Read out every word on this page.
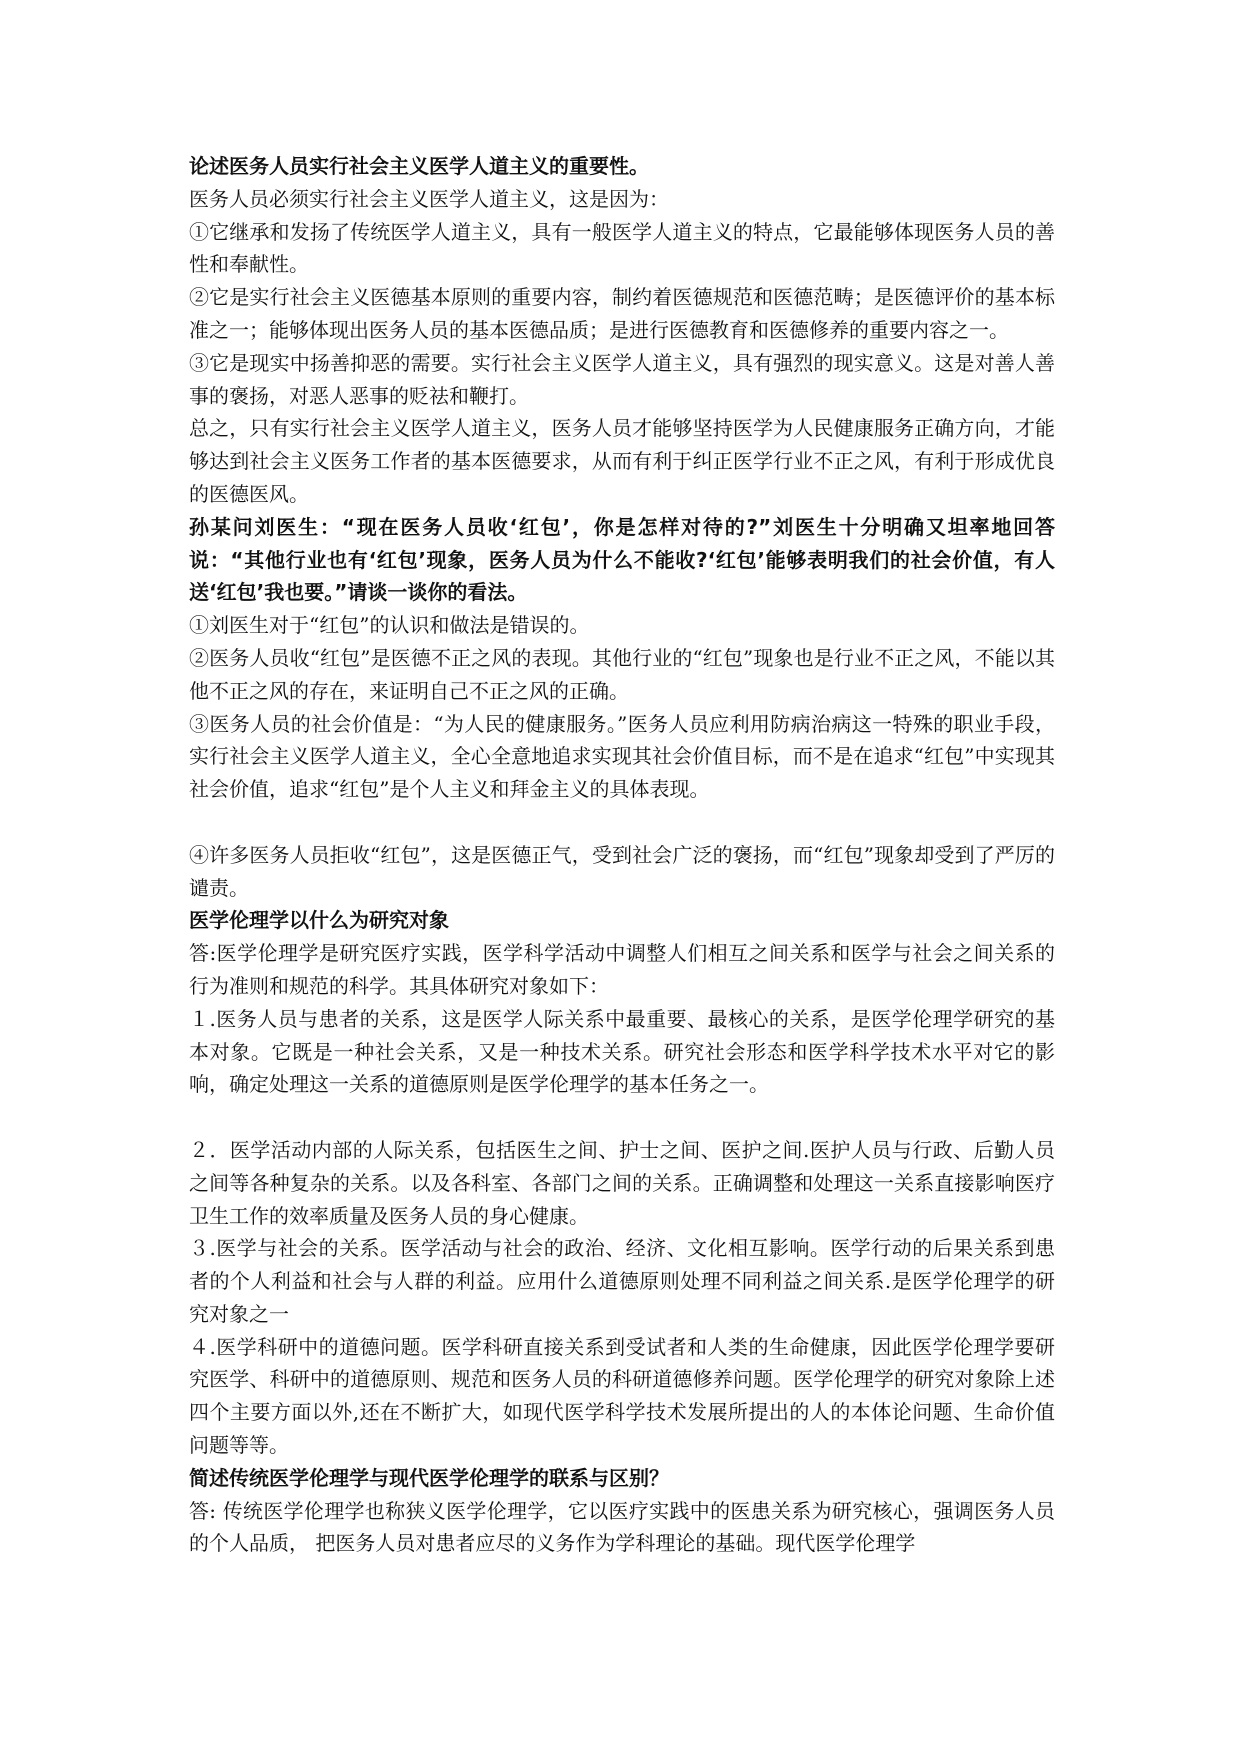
论述医务人员实行社会主义医学人道主义的重要性。

医务人员必须实行社会主义医学人道主义，这是因为：

①它继承和发扬了传统医学人道主义，具有一般医学人道主义的特点，它最能够体现医务人员的善性和奉献性。

②它是实行社会主义医德基本原则的重要内容，制约着医德规范和医德范畴；是医德评价的基本标准之一；能够体现出医务人员的基本医德品质；是进行医德教育和医德修养的重要内容之一。

③它是现实中扬善抑恶的需要。实行社会主义医学人道主义，具有强烈的现实意义。这是对善人善事的褒扬，对恶人恶事的贬祛和鞭打。

总之，只有实行社会主义医学人道主义，医务人员才能够坚持医学为人民健康服务正确方向，才能够达到社会主义医务工作者的基本医德要求，从而有利于纠正医学行业不正之风，有利于形成优良的医德医风。

孙某问刘医生：“现在医务人员收‘红包’，你是怎样对待的?”刘医生十分明确又坦率地回答说：“其他行业也有‘红包’现象，医务人员为什么不能收?‘红包’能够表明我们的社会价值，有人送‘红包’我也要。”请谈一谈你的看法。

①刘医生对于“红包”的认识和做法是错误的。

②医务人员收“红包”是医德不正之风的表现。其他行业的“红包”现象也是行业不正之风，不能以其他不正之风的存在，来证明自己不正之风的正确。

③医务人员的社会价值是：“为人民的健康服务。”医务人员应利用防病治病这一特殊的职业手段，实行社会主义医学人道主义，全心全意地追求实现其社会价值目标，而不是在追求“红包”中实现其社会价值，追求“红包”是个人主义和拜金主义的具体表现。

④许多医务人员拒收“红包”，这是医德正气，受到社会广泛的褒扬，而“红包”现象却受到了严厉的谴责。

医学伦理学以什么为研究对象

答:医学伦理学是研究医疗实践，医学科学活动中调整人们相互之间关系和医学与社会之间关系的行为准则和规范的科学。其具体研究对象如下：

１.医务人员与患者的关系，这是医学人际关系中最重要、最核心的关系，是医学伦理学研究的基本对象。它既是一种社会关系，又是一种技术关系。研究社会形态和医学科学技术水平对它的影响，确定处理这一关系的道德原则是医学伦理学的基本任务之一。

２．医学活动内部的人际关系，包括医生之间、护士之间、医护之间.医护人员与行政、后勤人员之间等各种复杂的关系。以及各科室、各部门之间的关系。正确调整和处理这一关系直接影响医疗卫生工作的效率质量及医务人员的身心健康。

３.医学与社会的关系。医学活动与社会的政治、经济、文化相互影响。医学行动的后果关系到患者的个人利益和社会与人群的利益。应用什么道德原则处理不同利益之间关系.是医学伦理学的研究对象之一

４.医学科研中的道德问题。医学科研直接关系到受试者和人类的生命健康，因此医学伦理学要研究医学、科研中的道德原则、规范和医务人员的科研道德修养问题。医学伦理学的研究对象除上述四个主要方面以外,还在不断扩大，如现代医学科学技术发展所提出的人的本体论问题、生命价值问题等等。

简述传统医学伦理学与现代医学伦理学的联系与区别？

答: 传统医学伦理学也称狭义医学伦理学，它以医疗实践中的医患关系为研究核心，强调医务人员的个人品质， 把医务人员对患者应尽的义务作为学科理论的基础。现代医学伦理学
